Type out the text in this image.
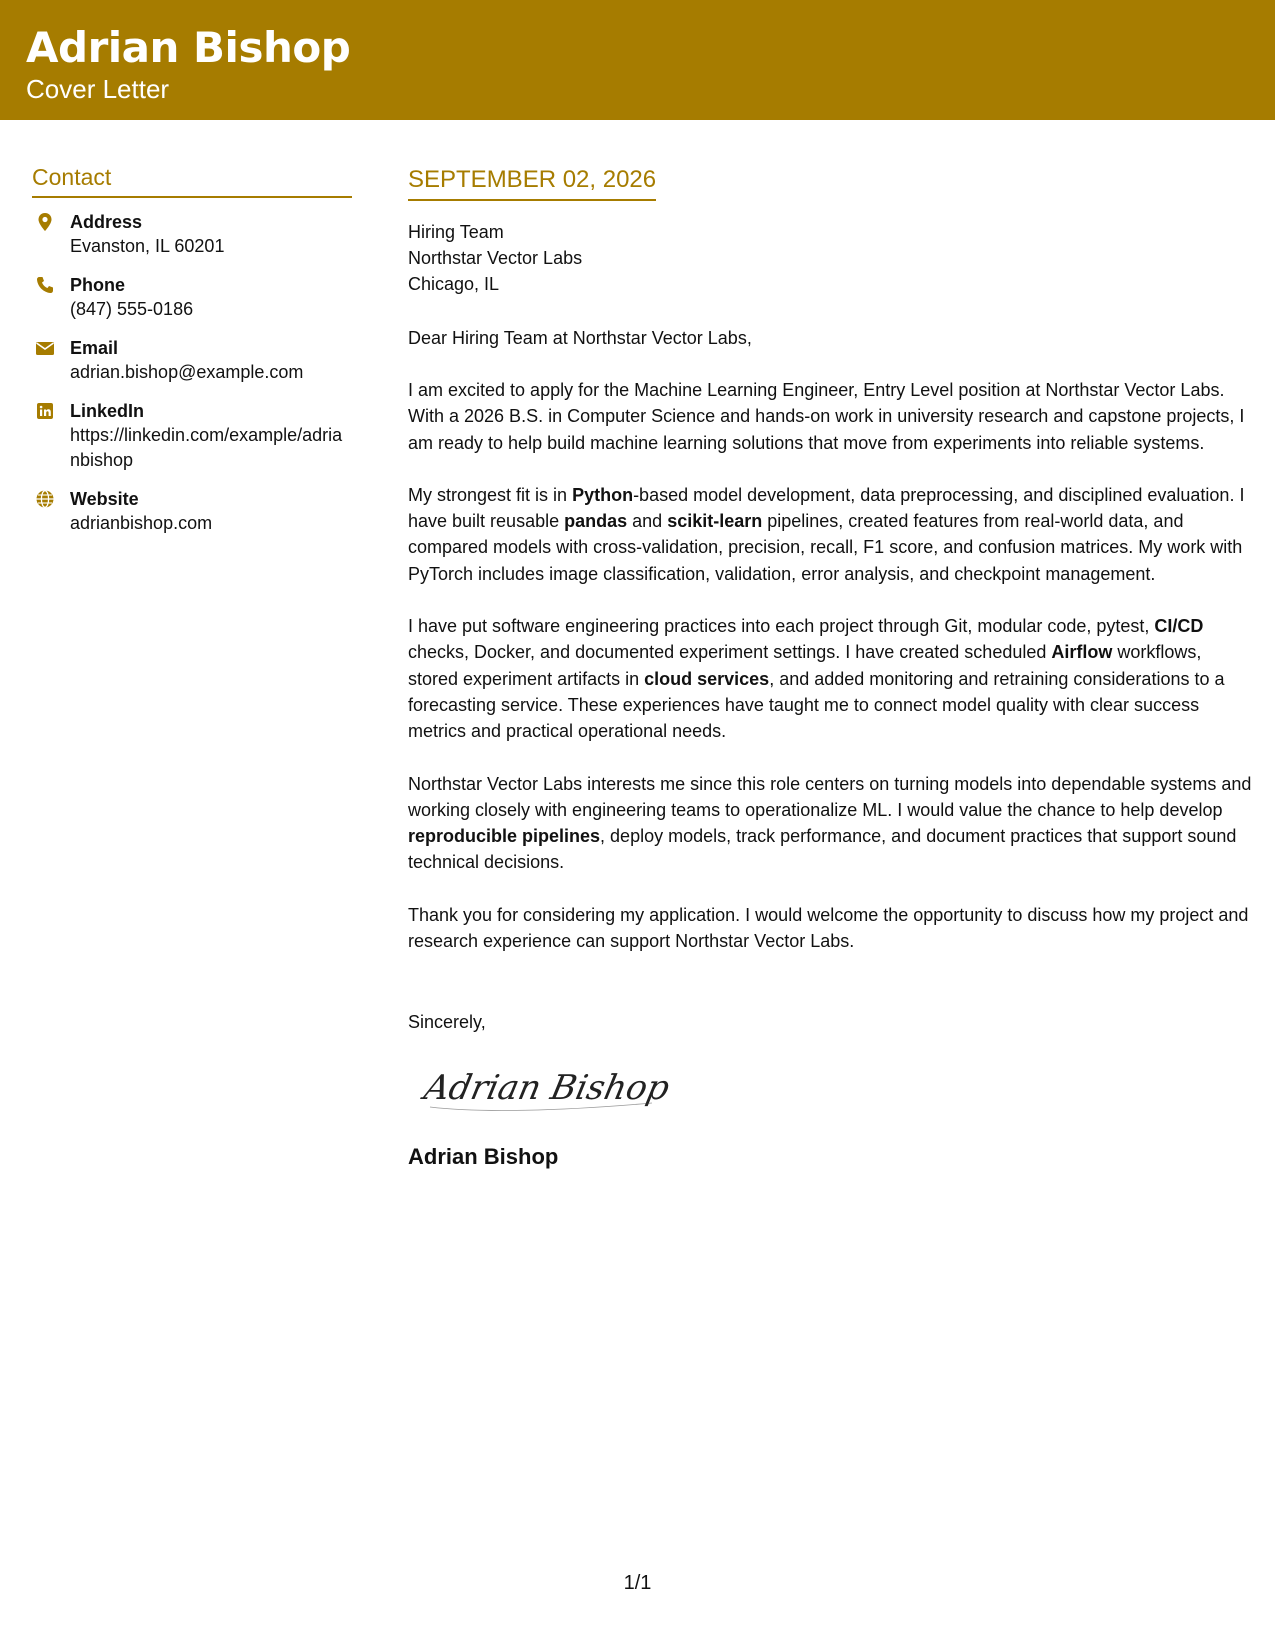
Adrian Bishop
Cover Letter
Contact
Address
Evanston, IL 60201
Phone
(847) 555-0186
Email
adrian.bishop@example.com
LinkedIn
https://linkedin.com/example/adrianbishop
Website
adrianbishop.com
SEPTEMBER 02, 2026
Hiring Team
Northstar Vector Labs
Chicago, IL
Dear Hiring Team at Northstar Vector Labs,
I am excited to apply for the Machine Learning Engineer, Entry Level position at Northstar Vector Labs. With a 2026 B.S. in Computer Science and hands-on work in university research and capstone projects, I am ready to help build machine learning solutions that move from experiments into reliable systems.
My strongest fit is in Python-based model development, data preprocessing, and disciplined evaluation. I have built reusable pandas and scikit-learn pipelines, created features from real-world data, and compared models with cross-validation, precision, recall, F1 score, and confusion matrices. My work with PyTorch includes image classification, validation, error analysis, and checkpoint management.
I have put software engineering practices into each project through Git, modular code, pytest, CI/CD checks, Docker, and documented experiment settings. I have created scheduled Airflow workflows, stored experiment artifacts in cloud services, and added monitoring and retraining considerations to a forecasting service. These experiences have taught me to connect model quality with clear success metrics and practical operational needs.
Northstar Vector Labs interests me since this role centers on turning models into dependable systems and working closely with engineering teams to operationalize ML. I would value the chance to help develop reproducible pipelines, deploy models, track performance, and document practices that support sound technical decisions.
Thank you for considering my application. I would welcome the opportunity to discuss how my project and research experience can support Northstar Vector Labs.
Sincerely,
Adrian Bishop
Adrian Bishop
1/1
